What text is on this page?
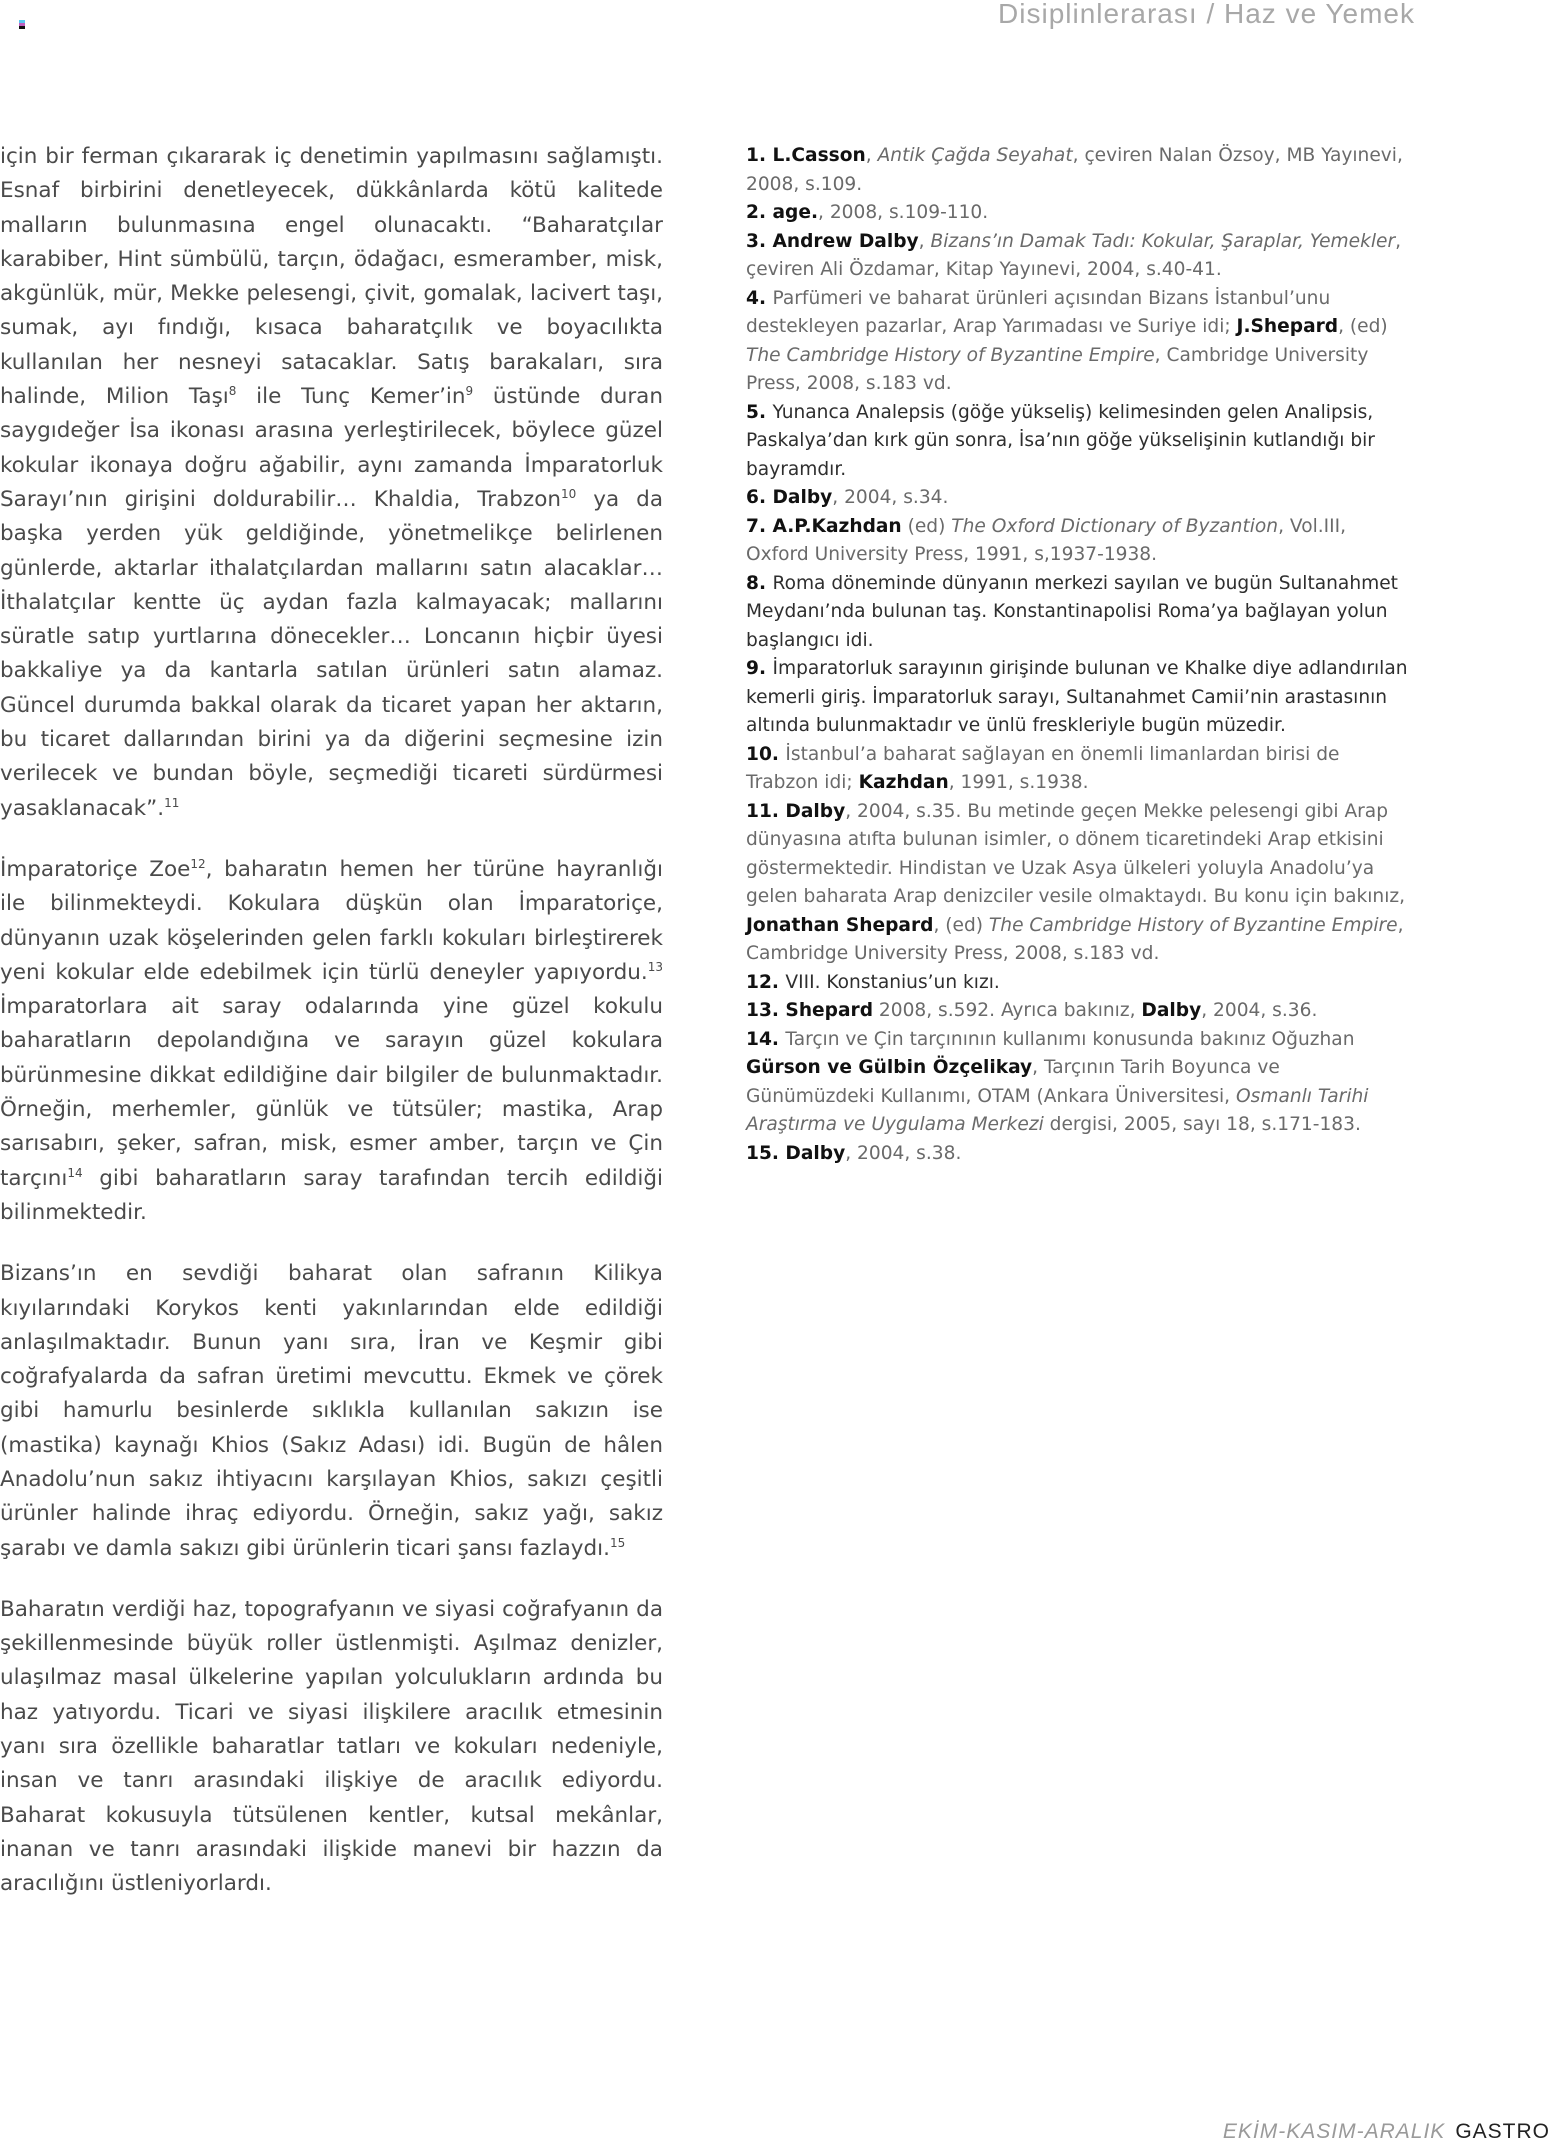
Disiplinlerarası / Haz ve Yemek

için bir ferman çıkararak iç denetimin yapılmasını sağlamıştı. Esnaf birbirini denetleyecek, dükkânlarda kötü kalitede malların bulunmasına engel olunacaktı. “Baharatçılar karabiber, Hint sümbülü, tarçın, ödağacı, esmeramber, misk, akgünlük, mür, Mekke pelesengi, çivit, gomalak, lacivert taşı, sumak, ayı fındığı, kısaca baharatçılık ve boyacılıkta kullanılan her nesneyi satacaklar. Satış barakaları, sıra halinde, Milion Taşı$^8$ ile Tunç $Kemer’in^9$ üstünde duran saygıdeğer İsa ikonası arasına yerleştirilecek, böylece güzel kokular ikonaya doğru ağabilir, aynı zamanda İmparatorluk Sarayı’nın girişini doldurabilir… Khaldia, Trabzon$^{10}$ ya da başka yerden yük geldiğinde, yönetmelikçe belirlenen günlerde, aktarlar ithalatçılardan mallarını satın alacaklar… İthalatçılar kentte üç aydan fazla kalmayacak; mallarını süratle satıp yurtlarına dönecekler… Loncanın hiçbir üyesi bakkaliye ya da kantarla satılan ürünleri satın alamaz. Güncel durumda bakkal olarak da ticaret yapan her aktarın, bu ticaret dallarından birini ya da diğerini seçmesine izin verilecek ve bundan böyle, seçmediği ticareti sürdürmesi yasaklanacak”.$^{11}$

İmparatoriçe Zoe$^{12}$, baharatın hemen her türüne hayranlığı ile bilinmekteydi. Kokulara düşkün olan İmparatoriçe, dünyanın uzak köşelerinden gelen farklı kokuları birleştirerek yeni kokular elde edebilmek için türlü deneyler yapıyordu.$^{13}$ İmparatorlara ait saray odalarında yine güzel kokulu baharatların depolandığına ve sarayın güzel kokulara bürünmesine dikkat edildiğine dair bilgiler de bulunmaktadır. Örneğin, merhemler, günlük ve tütsüler; mastika, Arap sarısabırı, şeker, safran, misk, esmer amber, tarçın ve Çin tarçını$^{14}$ gibi baharatların saray tarafından tercih edildiği bilinmektedir.

Bizans’ın en sevdiği baharat olan safranın Kilikya kıyılarındaki Korykos kenti yakınlarından elde edildiği anlaşılmaktadır. Bunun yanı sıra, İran ve Keşmir gibi coğrafyalarda da safran üretimi mevcuttu. Ekmek ve çörek gibi hamurlu besinlerde sıklıkla kullanılan sakızın ise (mastika) kaynağı Khios (Sakız Adası) idi. Bugün de hâlen Anadolu’nun sakız ihtiyacını karşılayan Khios, sakızı çeşitli ürünler halinde ihraç ediyordu. Örneğin, sakız yağı, sakız şarabı ve damla sakızı gibi ürünlerin ticari şansı fazlaydı.$^{15}$

Baharatın verdiği haz, topografyanın ve siyasi coğrafyanın da şekillenmesinde büyük roller üstlenmişti. Aşılmaz denizler, ulaşılmaz masal ülkelerine yapılan yolculukların ardında bu haz yatıyordu. Ticari ve siyasi ilişkilere aracılık etmesinin yanı sıra özellikle baharatlar tatları ve kokuları nedeniyle, insan ve tanrı arasındaki ilişkiye de aracılık ediyordu. Baharat kokusuyla tütsülenen kentler, kutsal mekânlar, inanan ve tanrı arasındaki ilişkide manevi bir hazzın da aracılığını üstleniyorlardı.

1. L.Casson, Antik Çağda Seyahat, çeviren Nalan Özsoy, MB Yayınevi, 2008, s.109.
2. age., 2008, s.109-110.
3. Andrew Dalby, Bizans’ın Damak Tadı: Kokular, Şaraplar, Yemekler, çeviren Ali Özdamar, Kitap Yayınevi, 2004, s.40-41.
4. Parfümeri ve baharat ürünleri açısından Bizans İstanbul’unu destekleyen pazarlar, Arap Yarımadası ve Suriye idi; J.Shepard, (ed) The Cambridge History of Byzantine Empire, Cambridge University Press, 2008, s.183 vd.
5. Yunanca Analepsis (göğe yükseliş) kelimesinden gelen Analipsis, Paskalya’dan kırk gün sonra, İsa’nın göğe yükselişinin kutlandığı bir bayramdır.
6. Dalby, 2004, s.34.
7. A.P.Kazhdan (ed) The Oxford Dictionary of Byzantion, Vol.III, Oxford University Press, 1991, s,1937-1938.
8. Roma döneminde dünyanın merkezi sayılan ve bugün Sultanahmet Meydanı’nda bulunan taş. Konstantinapolisi Roma’ya bağlayan yolun başlangıcı idi.
9. İmparatorluk sarayının girişinde bulunan ve Khalke diye adlandırılan kemerli giriş. İmparatorluk sarayı, Sultanahmet Camii’nin arastasının altında bulunmaktadır ve ünlü freskleriyle bugün müzedir.
10. İstanbul’a baharat sağlayan en önemli limanlardan birisi de Trabzon idi; Kazhdan, 1991, s.1938.
11. Dalby, 2004, s.35. Bu metinde geçen Mekke pelesengi gibi Arap dünyasına atıfta bulunan isimler, o dönem ticaretindeki Arap etkisini göstermektedir. Hindistan ve Uzak Asya ülkeleri yoluyla Anadolu’ya gelen baharata Arap denizciler vesile olmaktaydı. Bu konu için bakınız, Jonathan Shepard, (ed) The Cambridge History of Byzantine Empire, Cambridge University Press, 2008, s.183 vd.
12. VIII. Konstanius’un kızı.
13. Shepard 2008, s.592. Ayrıca bakınız, Dalby, 2004, s.36.
14. Tarçın ve Çin tarçınının kullanımı konusunda bakınız Oğuzhan Gürson ve Gülbin Özçelikay, Tarçının Tarih Boyunca ve Günümüzdeki Kullanımı, OTAM (Ankara Üniversitesi, Osmanlı Tarihi Araştırma ve Uygulama Merkezi dergisi, 2005, sayı 18, s.171-183.
15. Dalby, 2004, s.38.
EKİM-KASIM-ARALIK GASTRO
